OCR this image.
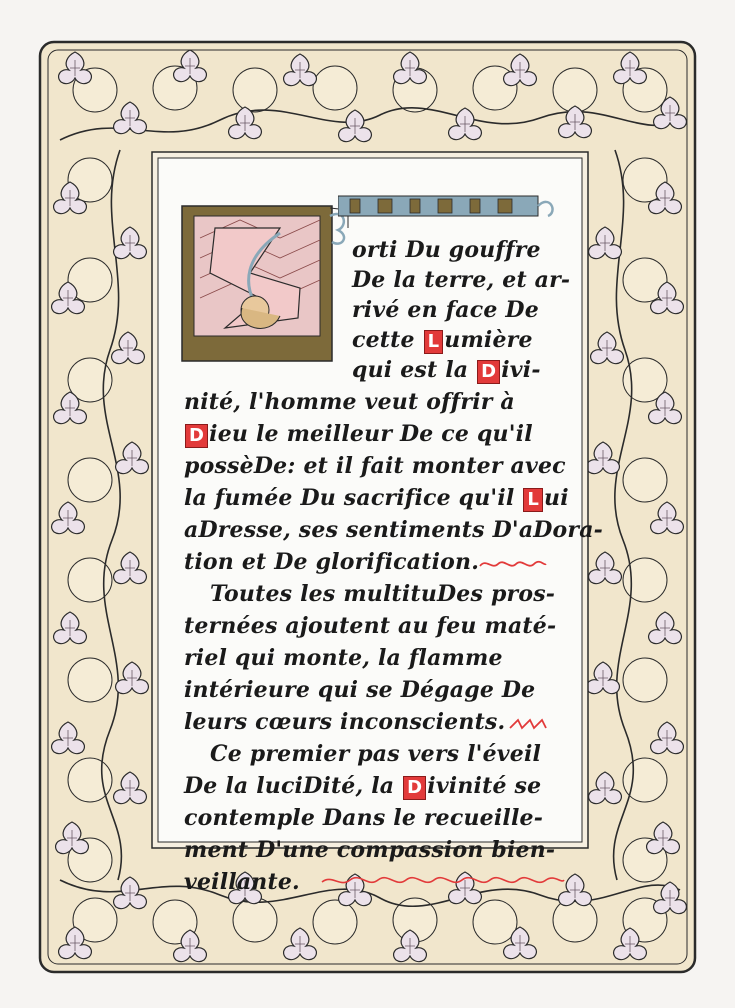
orti Du gouffre
De la terre, et ar-
rivé en face De
cette L umière
qui est la D ivi-
nité, l'homme veut offrir à
D ieu le meilleur De ce qu'il
possèDe: et il fait monter avec
la fumée Du sacrifice qu'il L ui
aDresse, ses sentiments D'aDora-
tion et De glorification.
Toutes les multituDes pros-
ternées ajoutent au feu maté-
riel qui monte, la flamme
intérieure qui se Dégage De
leurs cœurs inconscients.
Ce premier pas vers l'éveil
De la luciDité, la D ivinité se
contemple Dans le recueille-
ment D'une compassion bien-
veillante.
